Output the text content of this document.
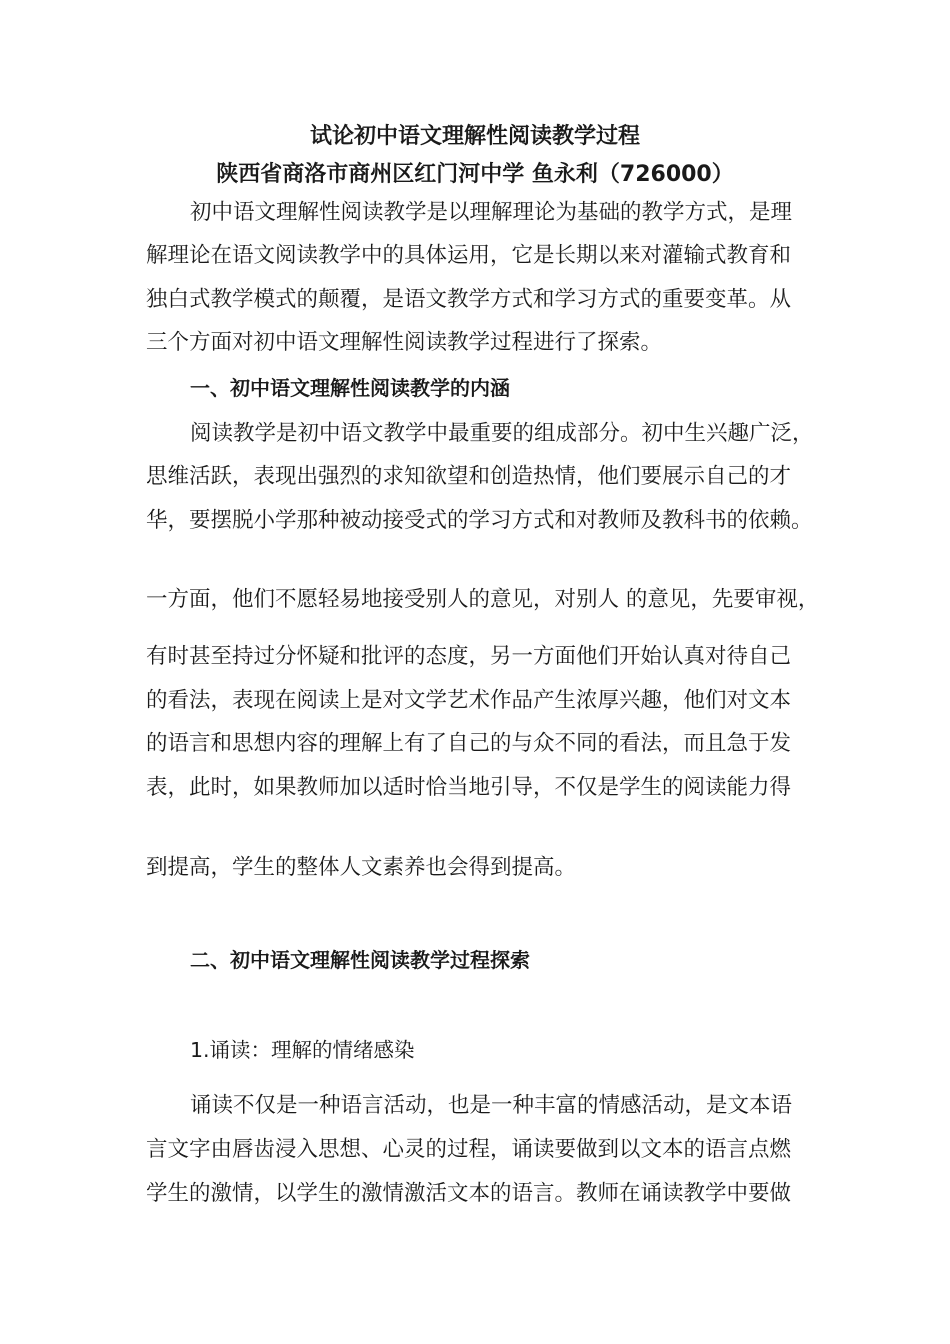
试论初中语文理解性阅读教学过程
陕西省商洛市商州区红门河中学 鱼永利（726000）
初中语文理解性阅读教学是以理解理论为基础的教学方式，是理
解理论在语文阅读教学中的具体运用，它是长期以来对灌输式教育和
独白式教学模式的颠覆，是语文教学方式和学习方式的重要变革。从
三个方面对初中语文理解性阅读教学过程进行了探索。
一、初中语文理解性阅读教学的内涵
阅读教学是初中语文教学中最重要的组成部分。初中生兴趣广泛，
思维活跃，表现出强烈的求知欲望和创造热情，他们要展示自己的才
华，要摆脱小学那种被动接受式的学习方式和对教师及教科书的依赖。
一方面，他们不愿轻易地接受别人的意见，对别人 的意见，先要审视，
有时甚至持过分怀疑和批评的态度，另一方面他们开始认真对待自己
的看法，表现在阅读上是对文学艺术作品产生浓厚兴趣，他们对文本
的语言和思想内容的理解上有了自己的与众不同的看法，而且急于发
表，此时，如果教师加以适时恰当地引导，不仅是学生的阅读能力得
到提高，学生的整体人文素养也会得到提高。
二、初中语文理解性阅读教学过程探索
1.诵读：理解的情绪感染
诵读不仅是一种语言活动，也是一种丰富的情感活动，是文本语
言文字由唇齿浸入思想、心灵的过程，诵读要做到以文本的语言点燃
学生的激情，以学生的激情激活文本的语言。教师在诵读教学中要做
